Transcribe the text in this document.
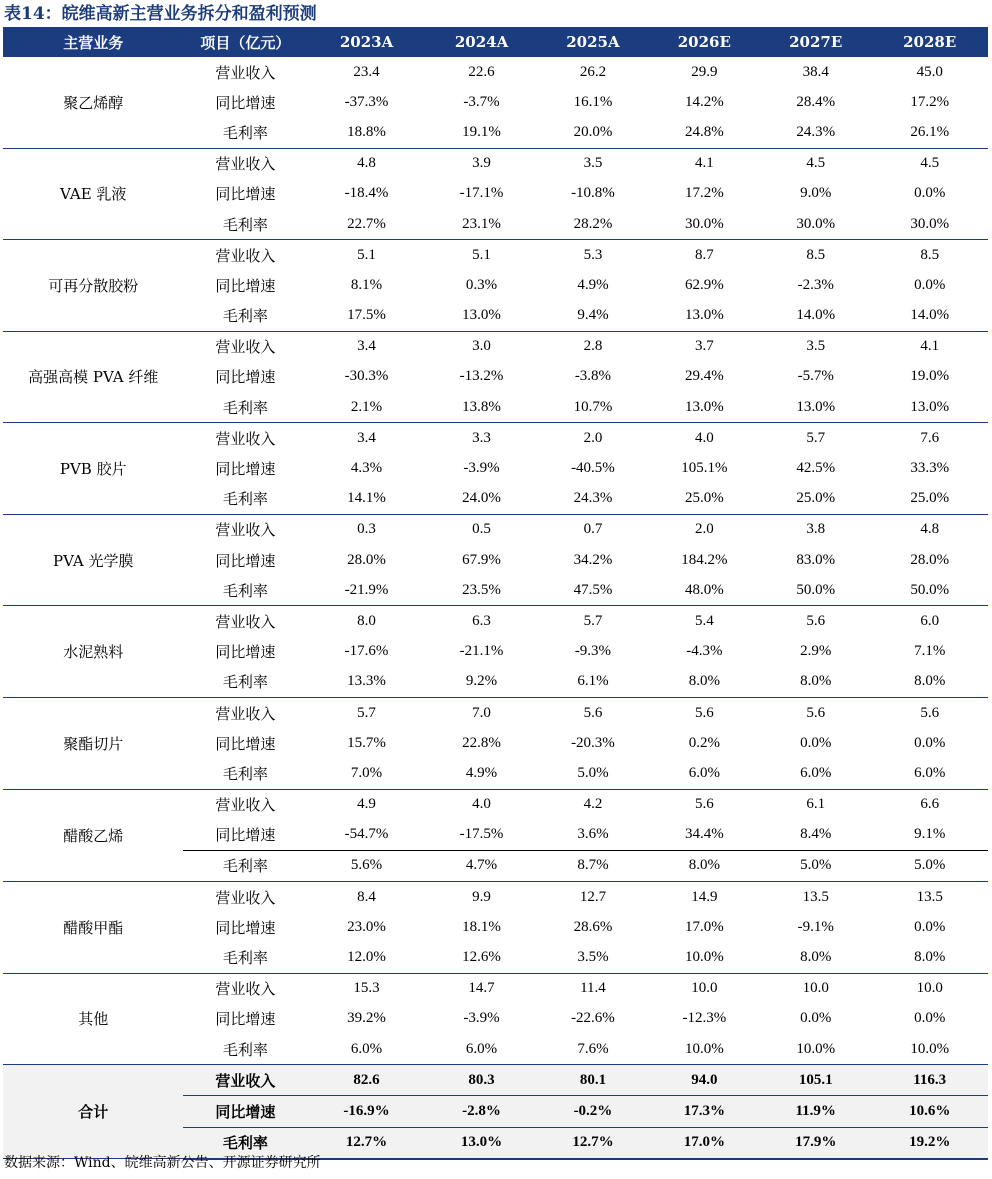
表14：皖维高新主营业务拆分和盈利预测
主营业务	项目（亿元）	2023A	2024A	2025A	2026E	2027E	2028E
聚乙烯醇	营业收入	23.4	22.6	26.2	29.9	38.4	45.0
	同比增速	-37.3%	-3.7%	16.1%	14.2%	28.4%	17.2%
	毛利率	18.8%	19.1%	20.0%	24.8%	24.3%	26.1%
VAE 乳液	营业收入	4.8	3.9	3.5	4.1	4.5	4.5
	同比增速	-18.4%	-17.1%	-10.8%	17.2%	9.0%	0.0%
	毛利率	22.7%	23.1%	28.2%	30.0%	30.0%	30.0%
可再分散胶粉	营业收入	5.1	5.1	5.3	8.7	8.5	8.5
	同比增速	8.1%	0.3%	4.9%	62.9%	-2.3%	0.0%
	毛利率	17.5%	13.0%	9.4%	13.0%	14.0%	14.0%
高强高模 PVA 纤维	营业收入	3.4	3.0	2.8	3.7	3.5	4.1
	同比增速	-30.3%	-13.2%	-3.8%	29.4%	-5.7%	19.0%
	毛利率	2.1%	13.8%	10.7%	13.0%	13.0%	13.0%
PVB 胶片	营业收入	3.4	3.3	2.0	4.0	5.7	7.6
	同比增速	4.3%	-3.9%	-40.5%	105.1%	42.5%	33.3%
	毛利率	14.1%	24.0%	24.3%	25.0%	25.0%	25.0%
PVA 光学膜	营业收入	0.3	0.5	0.7	2.0	3.8	4.8
	同比增速	28.0%	67.9%	34.2%	184.2%	83.0%	28.0%
	毛利率	-21.9%	23.5%	47.5%	48.0%	50.0%	50.0%
水泥熟料	营业收入	8.0	6.3	5.7	5.4	5.6	6.0
	同比增速	-17.6%	-21.1%	-9.3%	-4.3%	2.9%	7.1%
	毛利率	13.3%	9.2%	6.1%	8.0%	8.0%	8.0%
聚酯切片	营业收入	5.7	7.0	5.6	5.6	5.6	5.6
	同比增速	15.7%	22.8%	-20.3%	0.2%	0.0%	0.0%
	毛利率	7.0%	4.9%	5.0%	6.0%	6.0%	6.0%
醋酸乙烯	营业收入	4.9	4.0	4.2	5.6	6.1	6.6
	同比增速	-54.7%	-17.5%	3.6%	34.4%	8.4%	9.1%
	毛利率	5.6%	4.7%	8.7%	8.0%	5.0%	5.0%
醋酸甲酯	营业收入	8.4	9.9	12.7	14.9	13.5	13.5
	同比增速	23.0%	18.1%	28.6%	17.0%	-9.1%	0.0%
	毛利率	12.0%	12.6%	3.5%	10.0%	8.0%	8.0%
其他	营业收入	15.3	14.7	11.4	10.0	10.0	10.0
	同比增速	39.2%	-3.9%	-22.6%	-12.3%	0.0%	0.0%
	毛利率	6.0%	6.0%	7.6%	10.0%	10.0%	10.0%
合计	营业收入	82.6	80.3	80.1	94.0	105.1	116.3
	同比增速	-16.9%	-2.8%	-0.2%	17.3%	11.9%	10.6%
	毛利率	12.7%	13.0%	12.7%	17.0%	17.9%	19.2%
数据来源：Wind、皖维高新公告、开源证券研究所
